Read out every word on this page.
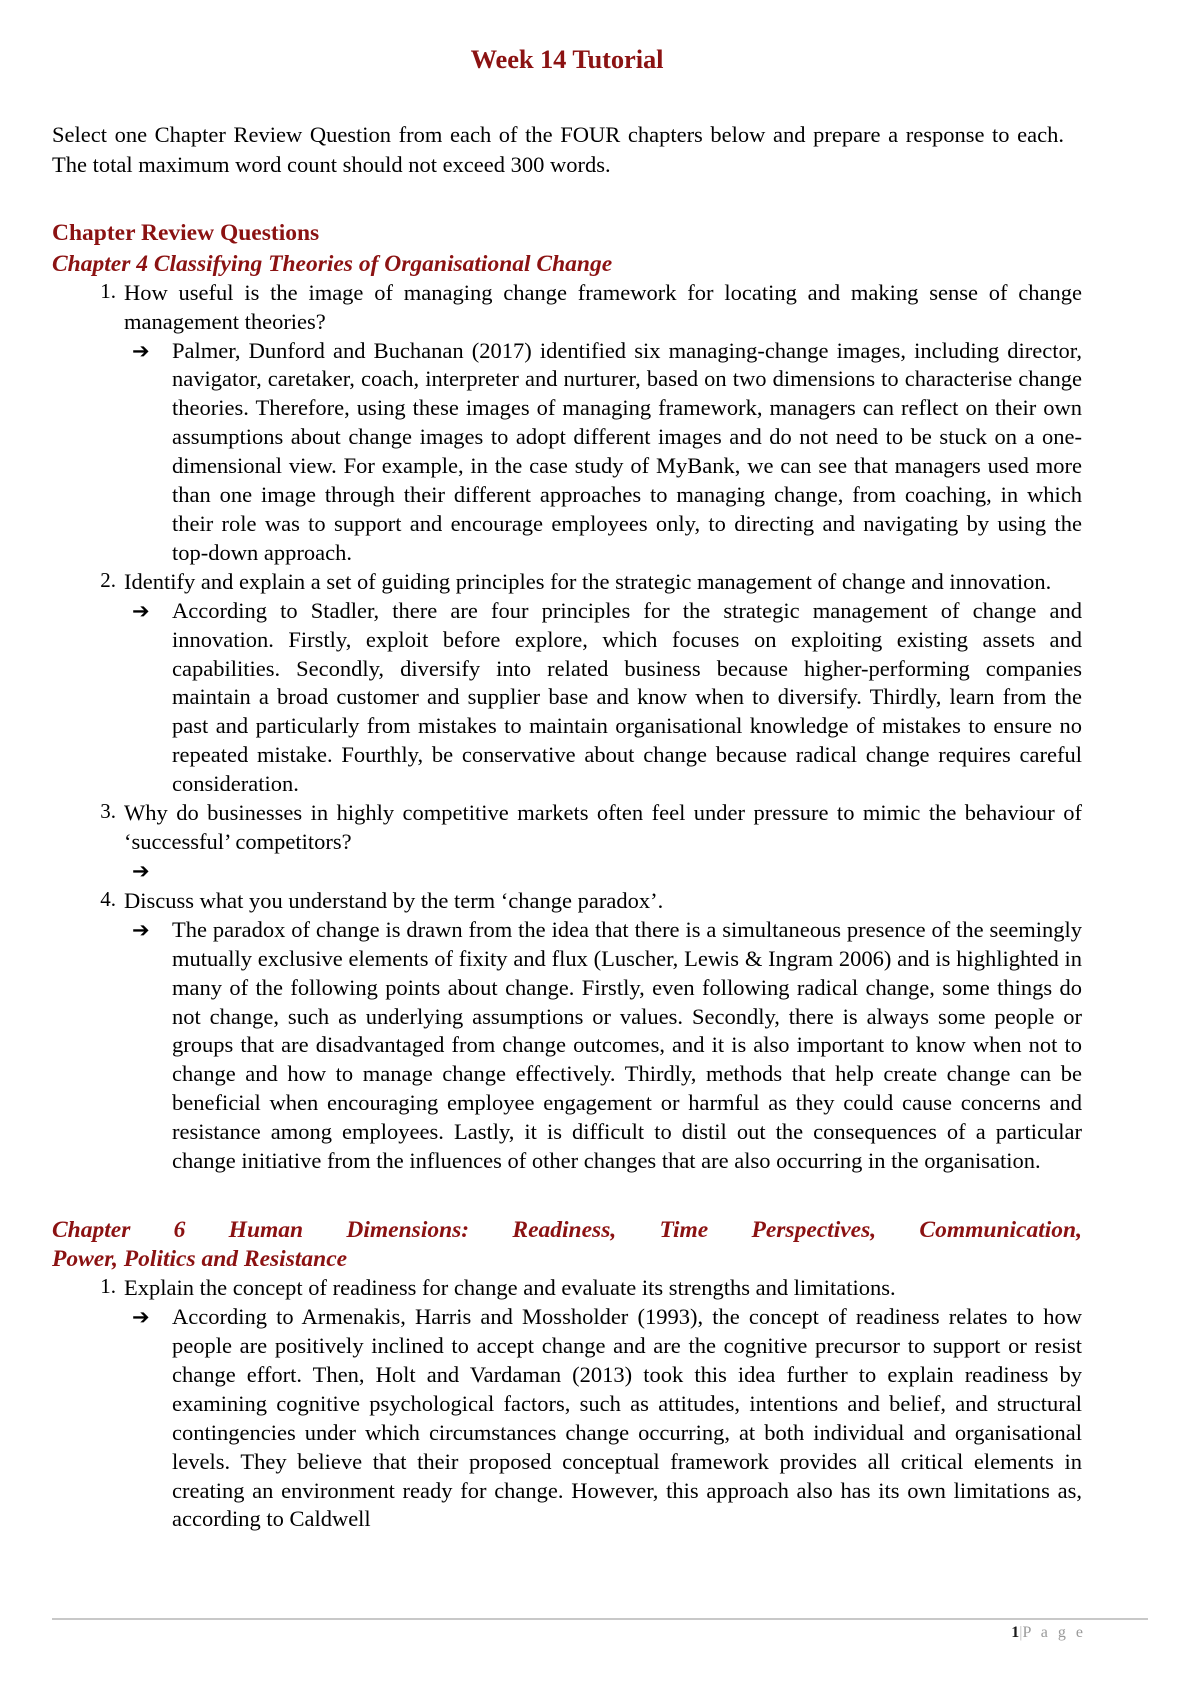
Week 14 Tutorial

Select one Chapter Review Question from each of the FOUR chapters below and prepare a response to each. The total maximum word count should not exceed 300 words.

Chapter Review Questions
Chapter 4 Classifying Theories of Organisational Change
1. How useful is the image of managing change framework for locating and making sense of change management theories?
➔ Palmer, Dunford and Buchanan (2017) identified six managing-change images, including director, navigator, caretaker, coach, interpreter and nurturer, based on two dimensions to characterise change theories. Therefore, using these images of managing framework, managers can reflect on their own assumptions about change images to adopt different images and do not need to be stuck on a one-dimensional view. For example, in the case study of MyBank, we can see that managers used more than one image through their different approaches to managing change, from coaching, in which their role was to support and encourage employees only, to directing and navigating by using the top-down approach.
2. Identify and explain a set of guiding principles for the strategic management of change and innovation.
➔ According to Stadler, there are four principles for the strategic management of change and innovation. Firstly, exploit before explore, which focuses on exploiting existing assets and capabilities. Secondly, diversify into related business because higher-performing companies maintain a broad customer and supplier base and know when to diversify. Thirdly, learn from the past and particularly from mistakes to maintain organisational knowledge of mistakes to ensure no repeated mistake. Fourthly, be conservative about change because radical change requires careful consideration.
3. Why do businesses in highly competitive markets often feel under pressure to mimic the behaviour of ‘successful’ competitors?
➔
4. Discuss what you understand by the term ‘change paradox’.
➔ The paradox of change is drawn from the idea that there is a simultaneous presence of the seemingly mutually exclusive elements of fixity and flux (Luscher, Lewis & Ingram 2006) and is highlighted in many of the following points about change. Firstly, even following radical change, some things do not change, such as underlying assumptions or values. Secondly, there is always some people or groups that are disadvantaged from change outcomes, and it is also important to know when not to change and how to manage change effectively. Thirdly, methods that help create change can be beneficial when encouraging employee engagement or harmful as they could cause concerns and resistance among employees. Lastly, it is difficult to distil out the consequences of a particular change initiative from the influences of other changes that are also occurring in the organisation.
Chapter 6 Human Dimensions: Readiness, Time Perspectives, Communication,
Power, Politics and Resistance
1. Explain the concept of readiness for change and evaluate its strengths and limitations.
➔ According to Armenakis, Harris and Mossholder (1993), the concept of readiness relates to how people are positively inclined to accept change and are the cognitive precursor to support or resist change effort. Then, Holt and Vardaman (2013) took this idea further to explain readiness by examining cognitive psychological factors, such as attitudes, intentions and belief, and structural contingencies under which circumstances change occurring, at both individual and organisational levels. They believe that their proposed conceptual framework provides all critical elements in creating an environment ready for change. However, this approach also has its own limitations as, according to Caldwell
1|P a g e
